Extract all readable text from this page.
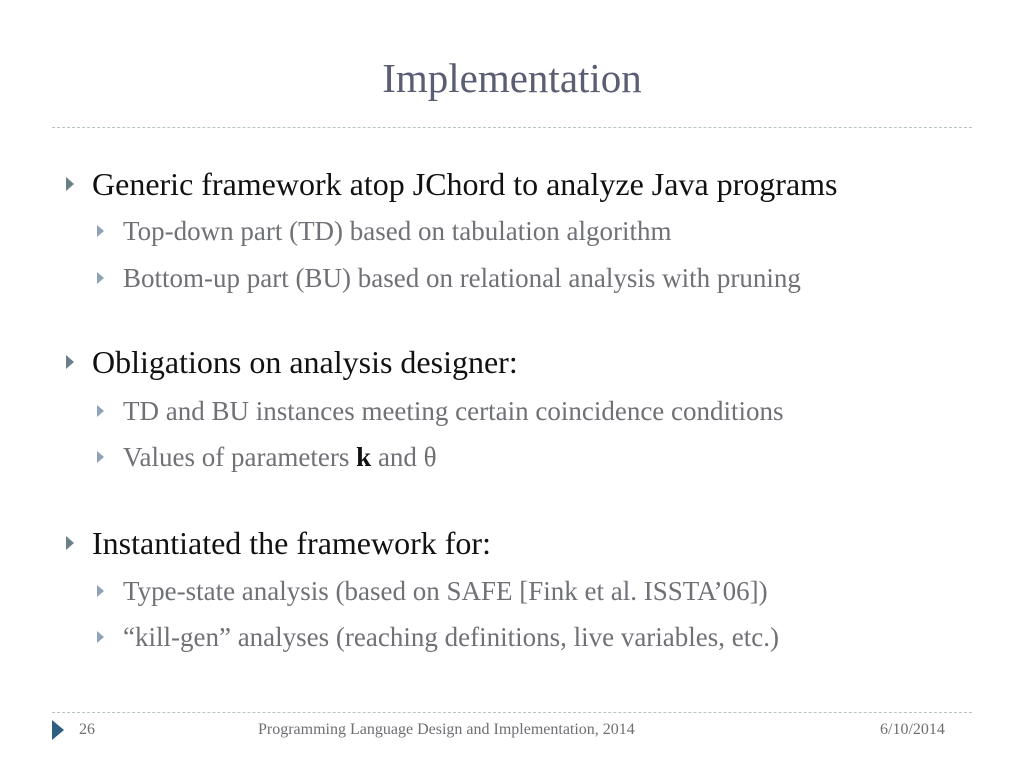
Implementation
Generic framework atop JChord to analyze Java programs
Top-down part (TD) based on tabulation algorithm
Bottom-up part (BU) based on relational analysis with pruning
Obligations on analysis designer:
TD and BU instances meeting certain coincidence conditions
Values of parameters k and θ
Instantiated the framework for:
Type-state analysis (based on SAFE [Fink et al. ISSTA’06])
“kill-gen” analyses (reaching definitions, live variables, etc.)
26	Programming Language Design and Implementation, 2014	6/10/2014
